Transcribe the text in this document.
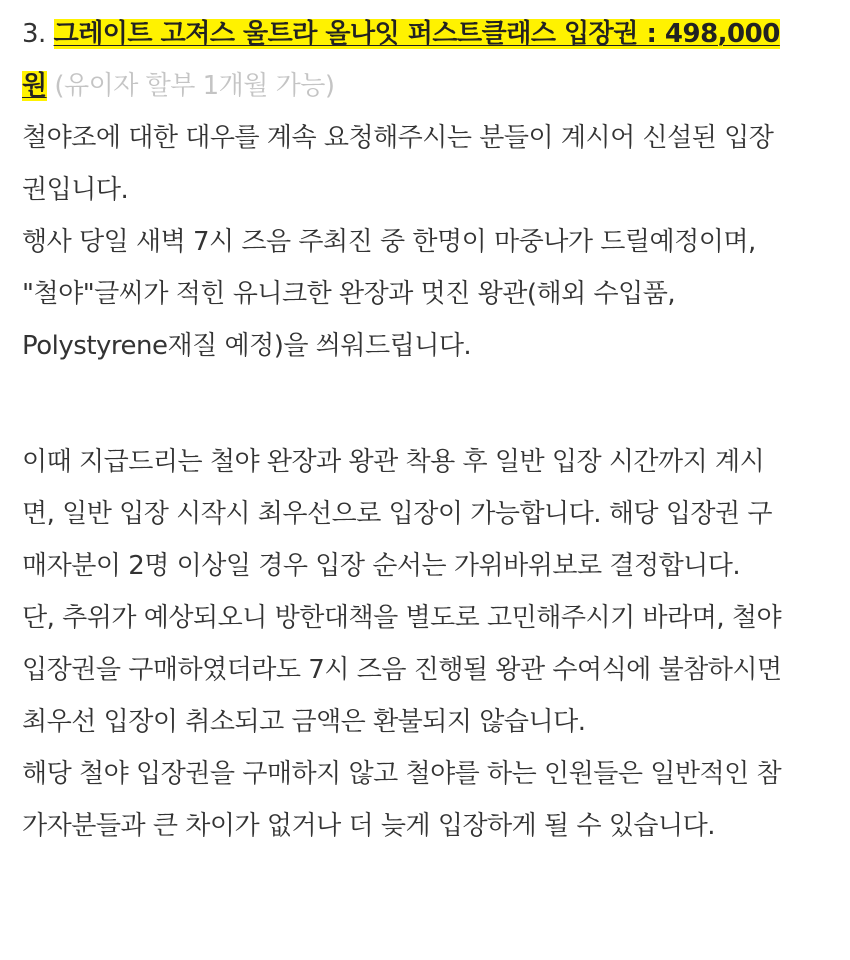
3. 그레이트 고져스 울트라 올나잇 퍼스트클래스 입장권 : 498,000
원 (유이자 할부 1개월 가능)
철야조에 대한 대우를 계속 요청해주시는 분들이 계시어 신설된 입장
권입니다.
행사 당일 새벽 7시 즈음 주최진 중 한명이 마중나가 드릴예정이며,
"철야"글씨가 적힌 유니크한 완장과 멋진 왕관(해외 수입품,
Polystyrene재질 예정)을 씌워드립니다.
이때 지급드리는 철야 완장과 왕관 착용 후 일반 입장 시간까지 계시
면, 일반 입장 시작시 최우선으로 입장이 가능합니다. 해당 입장권 구
매자분이 2명 이상일 경우 입장 순서는 가위바위보로 결정합니다.
단, 추위가 예상되오니 방한대책을 별도로 고민해주시기 바라며, 철야
입장권을 구매하였더라도 7시 즈음 진행될 왕관 수여식에 불참하시면
최우선 입장이 취소되고 금액은 환불되지 않습니다.
해당 철야 입장권을 구매하지 않고 철야를 하는 인원들은 일반적인 참
가자분들과 큰 차이가 없거나 더 늦게 입장하게 될 수 있습니다.
